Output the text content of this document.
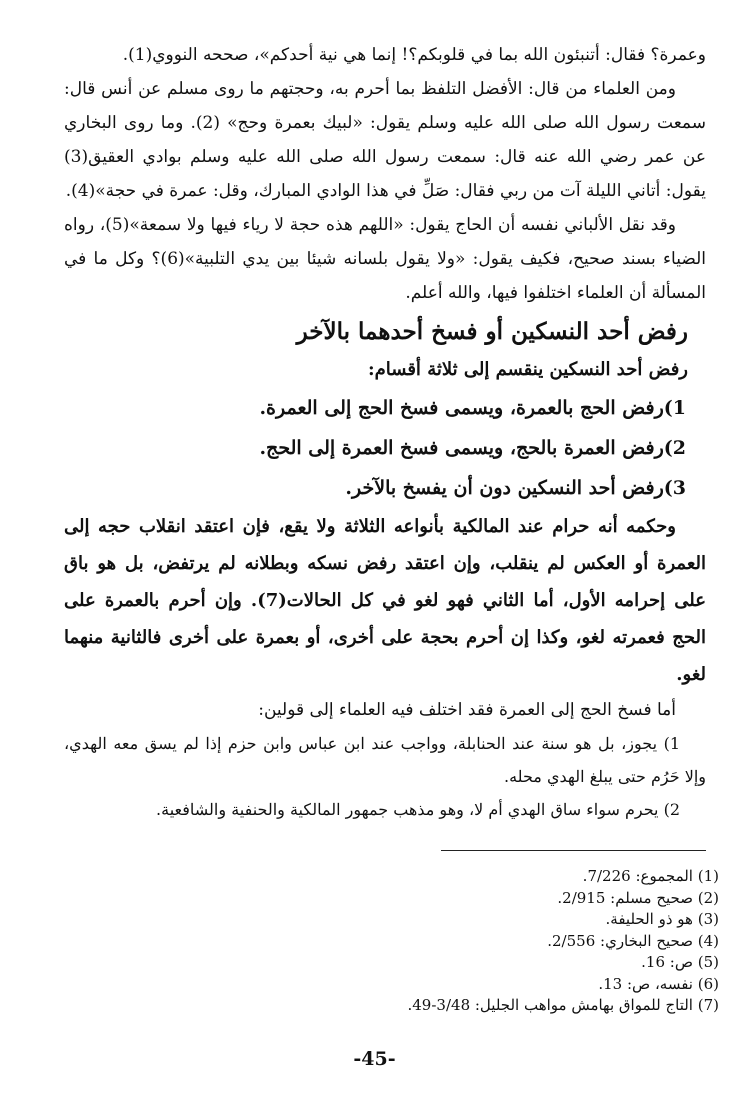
وعمرة؟ فقال: أتنبئون الله بما في قلوبكم؟! إنما هي نية أحدكم»، صححه النووي(1).

ومن العلماء من قال: الأفضل التلفظ بما أحرم به، وحجتهم ما روى مسلم عن أنس قال: سمعت رسول الله صلى الله عليه وسلم يقول: «لبيك بعمرة وحج» (2). وما روى البخاري عن عمر رضي الله عنه قال: سمعت رسول الله صلى الله عليه وسلم بوادي العقيق(3) يقول: أتاني الليلة آت من ربي فقال: صَلِّ في هذا الوادي المبارك، وقل: عمرة في حجة»(4).

وقد نقل الألباني نفسه أن الحاج يقول: «اللهم هذه حجة لا رياء فيها ولا سمعة»(5)، رواه الضياء بسند صحيح، فكيف يقول: «ولا يقول بلسانه شيئا بين يدي التلبية»(6)؟ وكل ما في المسألة أن العلماء اختلفوا فيها، والله أعلم.

رفض أحد النسكين أو فسخ أحدهما بالآخر

رفض أحد النسكين ينقسم إلى ثلاثة أقسام:

1)رفض الحج بالعمرة، ويسمى فسخ الحج إلى العمرة.

2)رفض العمرة بالحج، ويسمى فسخ العمرة إلى الحج.

3)رفض أحد النسكين دون أن يفسخ بالآخر.

وحكمه أنه حرام عند المالكية بأنواعه الثلاثة ولا يقع، فإن اعتقد انقلاب حجه إلى العمرة أو العكس لم ينقلب، وإن اعتقد رفض نسكه وبطلانه لم يرتفض، بل هو باق على إحرامه الأول، أما الثاني فهو لغو في كل الحالات(7). وإن أحرم بالعمرة على الحج فعمرته لغو، وكذا إن أحرم بحجة على أخرى، أو بعمرة على أخرى فالثانية منهما لغو.

أما فسخ الحج إلى العمرة فقد اختلف فيه العلماء إلى قولين:

1) يجوز، بل هو سنة عند الحنابلة، وواجب عند ابن عباس وابن حزم إذا لم يسق معه الهدي، وإلا حَرُم حتى يبلغ الهدي محله.

2) يحرم سواء ساق الهدي أم لا، وهو مذهب جمهور المالكية والحنفية والشافعية.

(1) المجموع: 7/226.

(2) صحيح مسلم: 2/915.

(3) هو ذو الحليفة.

(4) صحيح البخاري: 2/556.

(5) ص: 16.

(6) نفسه، ص: 13.

(7) التاج للمواق بهامش مواهب الجليل: 3/48-49.

-45-
